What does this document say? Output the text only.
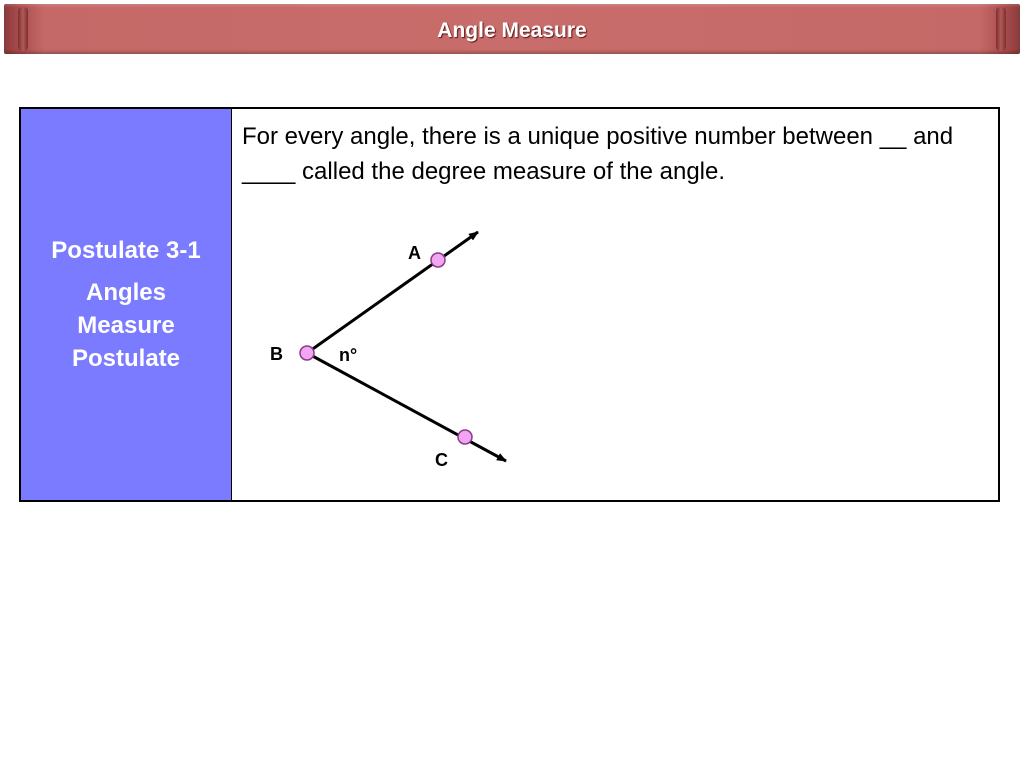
Angle Measure
Postulate 3-1
Angles Measure Postulate
For every angle, there is a unique positive number between __ and ____ called the degree measure of the angle.
A
B	n°
C
